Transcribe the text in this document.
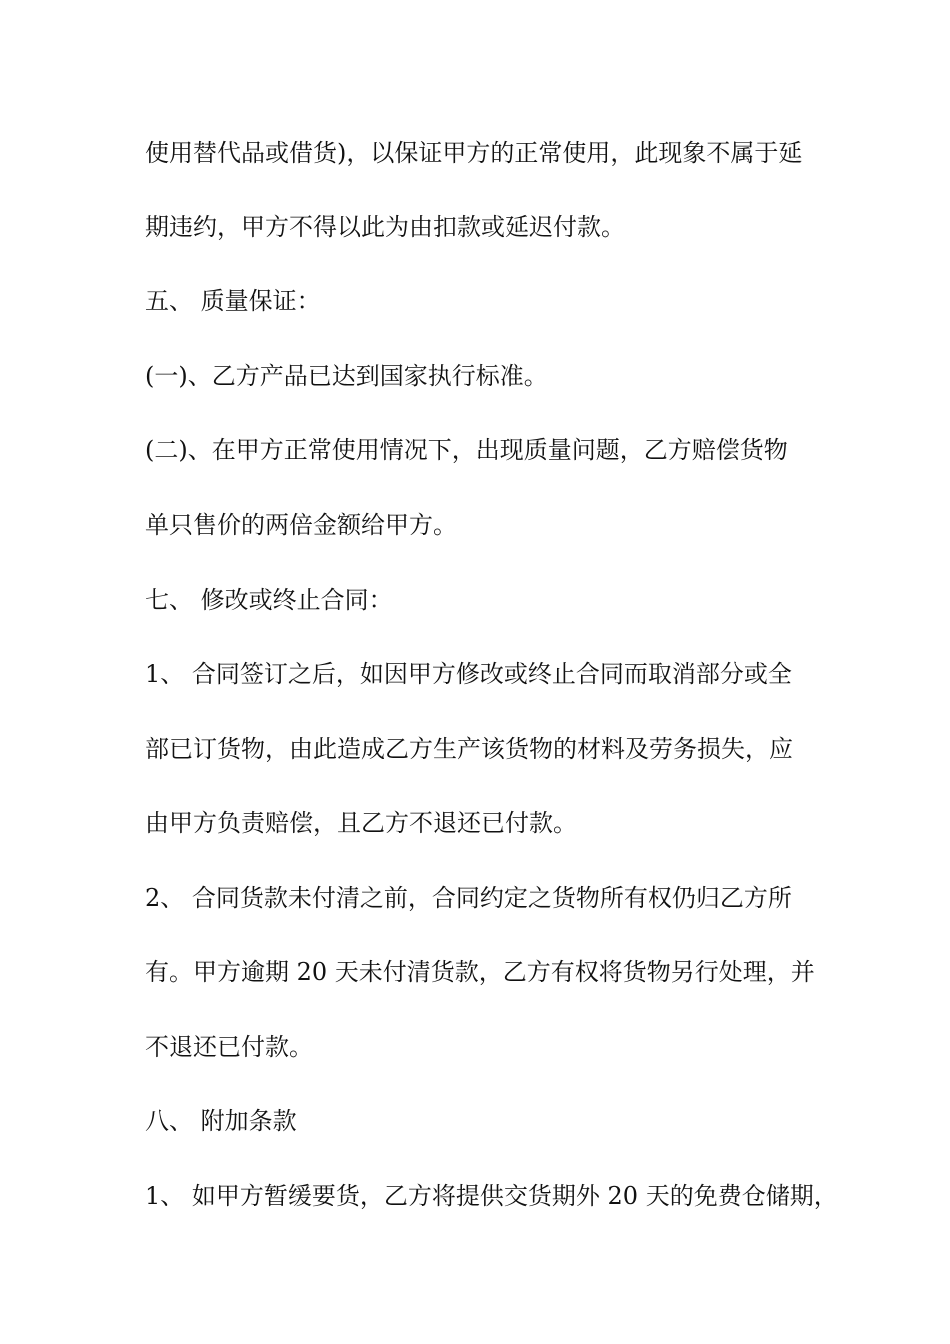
使用替代品或借货)，以保证甲方的正常使用，此现象不属于延
期违约，甲方不得以此为由扣款或延迟付款。
五、 质量保证：
(一)、乙方产品已达到国家执行标准。
(二)、在甲方正常使用情况下，出现质量问题，乙方赔偿货物
单只售价的两倍金额给甲方。
七、 修改或终止合同：
1、 合同签订之后，如因甲方修改或终止合同而取消部分或全
部已订货物，由此造成乙方生产该货物的材料及劳务损失，应
由甲方负责赔偿，且乙方不退还已付款。
2、 合同货款未付清之前，合同约定之货物所有权仍归乙方所
有。甲方逾期 20 天未付清货款，乙方有权将货物另行处理，并
不退还已付款。
八、 附加条款
1、 如甲方暂缓要货，乙方将提供交货期外 20 天的免费仓储期，
